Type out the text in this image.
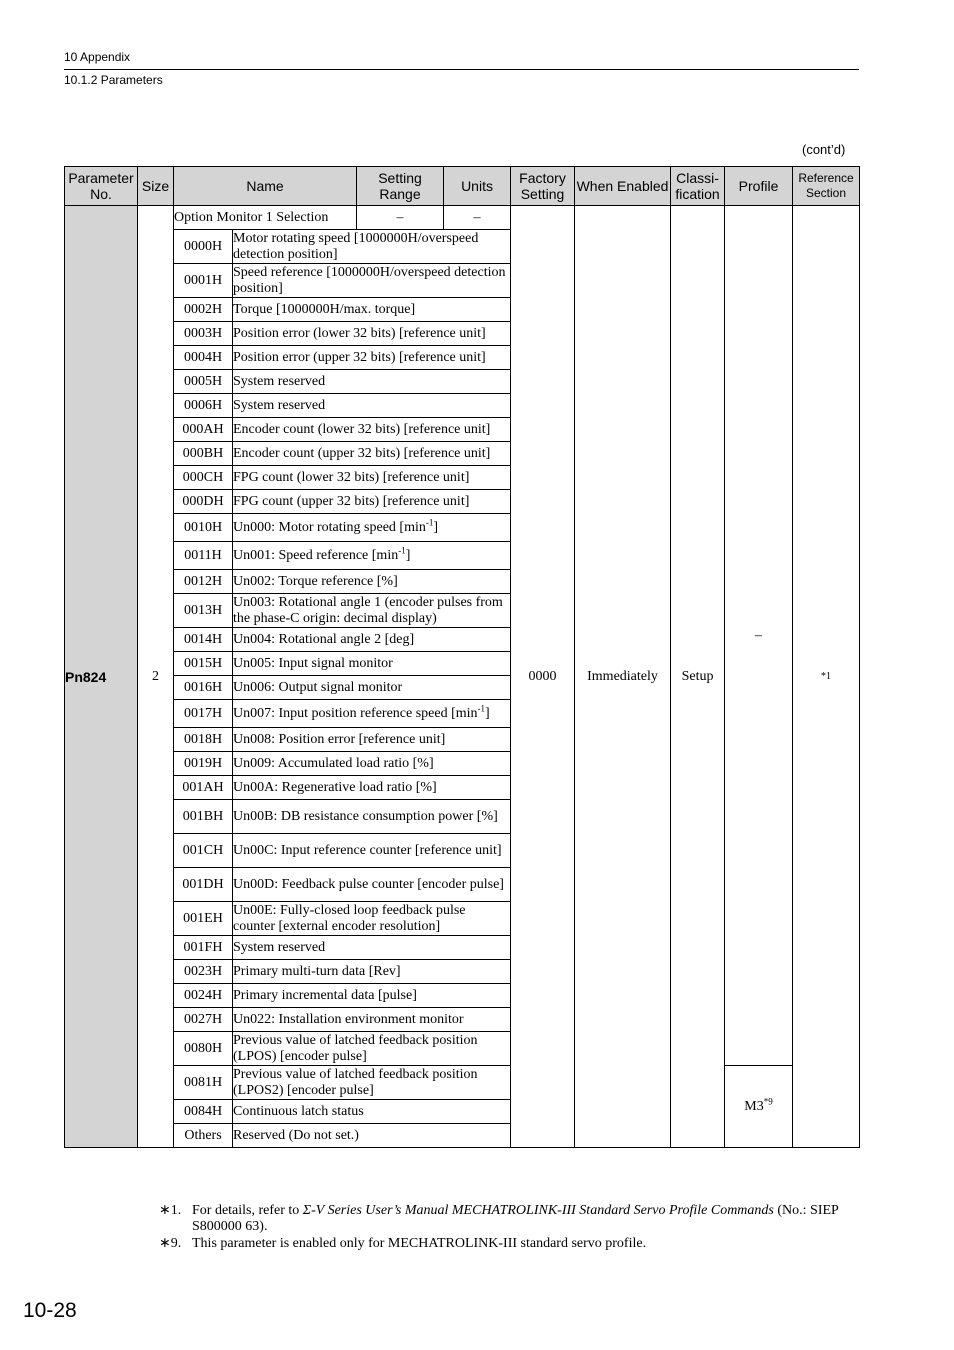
10 Appendix
10.1.2 Parameters
(cont’d)
Parameter No.	Size	Name		Setting Range	Units	Factory Setting	When Enabled	Classi- fication	Profile	Reference Section
Pn824	2	Option Monitor 1 Selection		–	–	0000	Immediately	Setup	–	*1
		0000H	Motor rotating speed [1000000H/overspeed detection position]							
		0001H	Speed reference [1000000H/overspeed detection position]							
		0002H	Torque [1000000H/max. torque]							
		0003H	Position error (lower 32 bits) [reference unit]							
		0004H	Position error (upper 32 bits) [reference unit]							
		0005H	System reserved							
		0006H	System reserved							
		000AH	Encoder count (lower 32 bits) [reference unit]							
		000BH	Encoder count (upper 32 bits) [reference unit]							
		000CH	FPG count (lower 32 bits) [reference unit]							
		000DH	FPG count (upper 32 bits) [reference unit]							
		0010H	Un000: Motor rotating speed $[\min^{-1}]$							
		0011H	Un001: Speed reference $[\min^{-1}]$							
		0012H	Un002: Torque reference [%]							
		0013H	Un003: Rotational angle 1 (encoder pulses from the phase-C origin: decimal display)							
		0014H	Un004: Rotational angle 2 [deg]							
		0015H	Un005: Input signal monitor							
		0016H	Un006: Output signal monitor							
		0017H	Un007: Input position reference speed $[\min^{-1}]$							
		0018H	Un008: Position error [reference unit]							
		0019H	Un009: Accumulated load ratio [%]							
		001AH	Un00A: Regenerative load ratio [%]							
		001BH	Un00B: DB resistance consumption power [%]							
		001CH	Un00C: Input reference counter [reference unit]							
		001DH	Un00D: Feedback pulse counter [encoder pulse]							
		001EH	Un00E: Fully-closed loop feedback pulse counter [external encoder resolution]							
		001FH	System reserved							
		0023H	Primary multi-turn data [Rev]							
		0024H	Primary incremental data [pulse]							
		0027H	Un022: Installation environment monitor							
		0080H	Previous value of latched feedback position (LPOS) [encoder pulse]							
		0081H	Previous value of latched feedback position (LPOS2) [encoder pulse]						M3$^{*9}$
		0084H	Continuous latch status							
		Others	Reserved (Do not set.)							
∗1. For details, refer to Σ-V Series User’s Manual MECHATROLINK-III Standard Servo Profile Commands (No.: SIEP S800000 63).
∗9. This parameter is enabled only for MECHATROLINK-III standard servo profile.
10-28
